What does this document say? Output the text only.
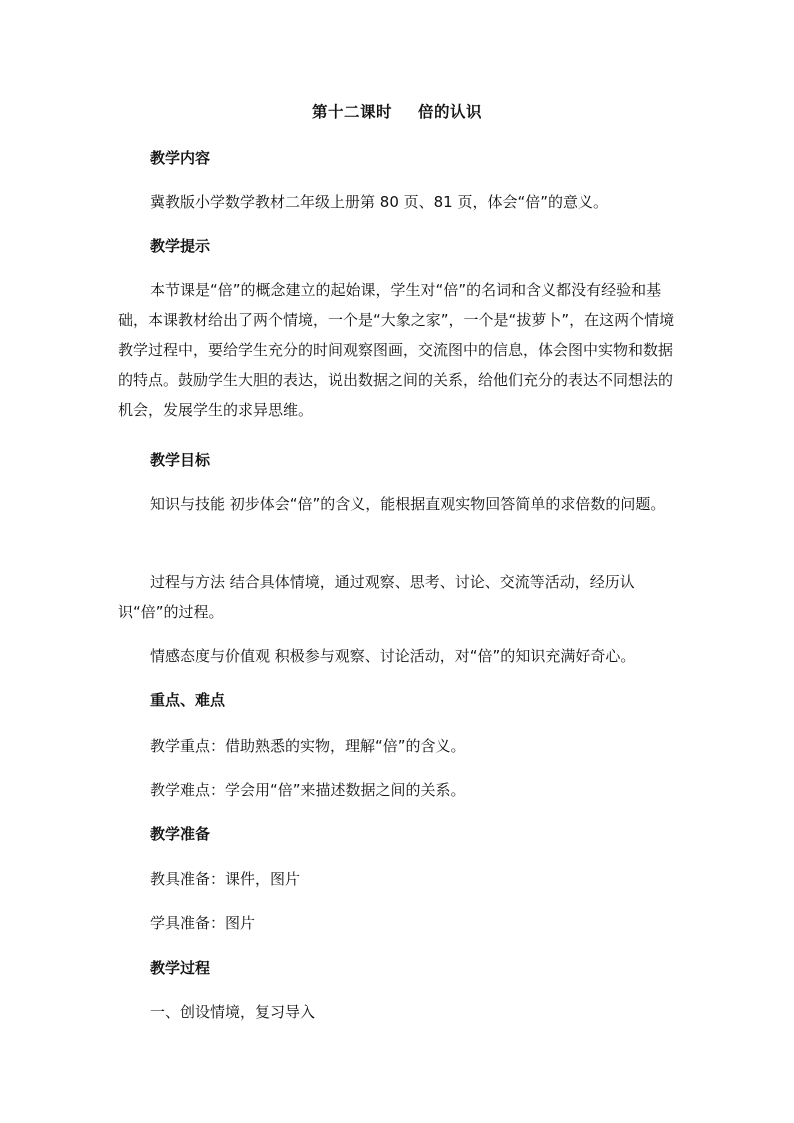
第十二课时 倍的认识
教学内容
冀教版小学数学教材二年级上册第 80 页、81 页，体会“倍”的意义。
教学提示
本节课是“倍”的概念建立的起始课，学生对“倍”的名词和含义都没有经验和基础，本课教材给出了两个情境，一个是“大象之家”，一个是“拔萝卜”，在这两个情境教学过程中，要给学生充分的时间观察图画，交流图中的信息，体会图中实物和数据的特点。鼓励学生大胆的表达，说出数据之间的关系，给他们充分的表达不同想法的机会，发展学生的求异思维。
教学目标
知识与技能 初步体会“倍”的含义，能根据直观实物回答简单的求倍数的问题。
过程与方法 结合具体情境，通过观察、思考、讨论、交流等活动，经历认识“倍”的过程。
情感态度与价值观 积极参与观察、讨论活动，对“倍”的知识充满好奇心。
重点、难点
教学重点：借助熟悉的实物，理解“倍”的含义。
教学难点：学会用“倍”来描述数据之间的关系。
教学准备
教具准备：课件，图片
学具准备：图片
教学过程
一、创设情境，复习导入
